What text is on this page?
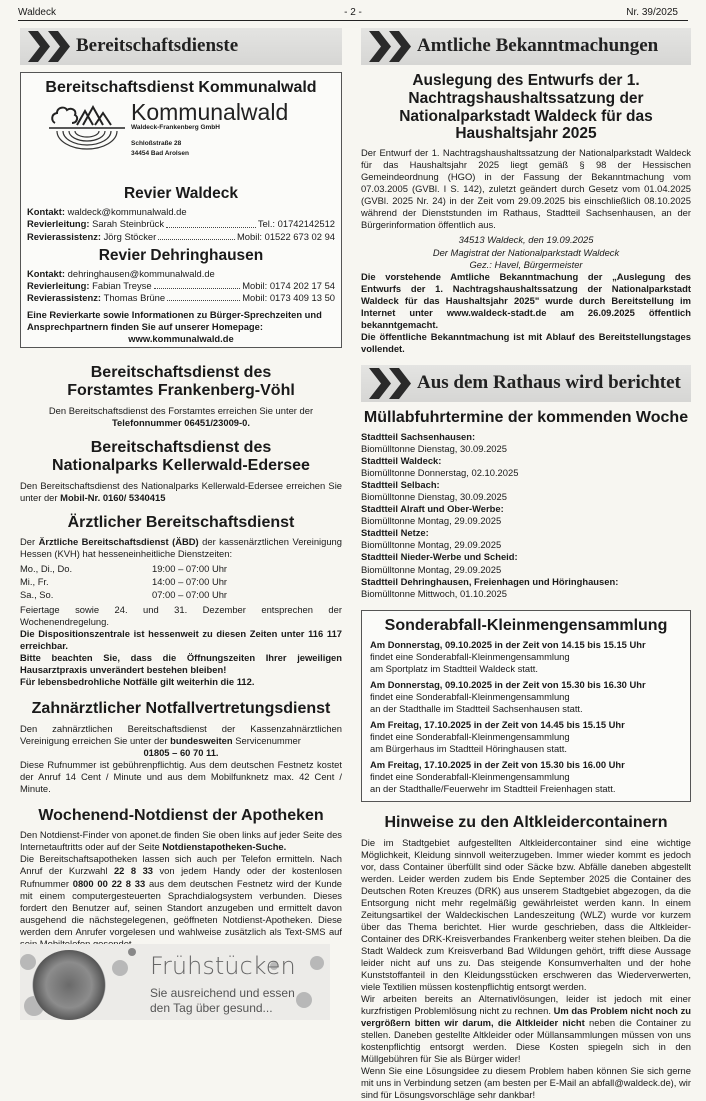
Waldeck	- 2 -	Nr. 39/2025
Bereitschaftsdienste
Bereitschaftsdienst Kommunalwald
Kommunalwald
Waldeck-Frankenberg GmbH
Schloßstraße 28
34454 Bad Arolsen
Revier Waldeck
Kontakt:
waldeck@kommunalwald.de
Revierleitung:
Sarah Steinbrück	Tel.: 01742142512
Revierassistenz:
Jörg Stöcker	Mobil: 01522 673 02 94
Revier Dehringhausen
Kontakt:
dehringhausen@kommunalwald.de
Revierleitung:
Fabian Treyse	Mobil: 0174 202 17 54
Revierassistenz:
Thomas Brüne	Mobil: 0173 409 13 50

Eine Revierkarte sowie Informationen zu Bürger-Sprechzeiten und

Ansprechpartnern finden Sie auf unserer Homepage:

www.kommunalwald.de

Bereitschaftsdienst des Forstamtes Frankenberg-Vöhl

Den Bereitschaftsdienst des Forstamtes erreichen Sie unter der

Telefonnummer 06451/23009-0.

Bereitschaftsdienst des Nationalparks Kellerwald-Edersee

Den Bereitschaftsdienst des Nationalparks Kellerwald-Edersee erreichen Sie unter der Mobil-Nr. 0160/ 5340415

Ärztlicher Bereitschaftsdienst

Der Ärztliche Bereitschaftsdienst (ÄBD) der kassenärztlichen Vereinigung Hessen (KVH) hat hesseneinheitliche Dienstzeiten:

Mo., Di., Do.	19:00 – 07:00 Uhr
Mi., Fr.	14:00 – 07:00 Uhr
Sa., So.	07:00 – 07:00 Uhr

Feiertage sowie 24. und 31. Dezember entsprechen der Wochenendregelung.

Die Dispositionszentrale ist hessenweit zu diesen Zeiten unter 116 117 erreichbar.

Bitte beachten Sie, dass die Öffnungszeiten Ihrer jeweiligen Hausarztpraxis unverändert bestehen bleiben!

Für lebensbedrohliche Notfälle gilt weiterhin die 112.

Zahnärztlicher Notfallvertretungsdienst

Den zahnärztlichen Bereitschaftsdienst der Kassenzahnärztlichen Vereinigung erreichen Sie unter der bundesweiten Servicenummer

01805 – 60 70 11.

Diese Rufnummer ist gebührenpflichtig. Aus dem deutschen Festnetz kostet der Anruf 14 Cent / Minute und aus dem Mobilfunknetz max. 42 Cent / Minute.

Wochenend-Notdienst der Apotheken

Den Notdienst-Finder von aponet.de finden Sie oben links auf jeder Seite des Internetauftritts oder auf der Seite Notdienstapotheken-Suche.

Die Bereitschaftsapotheken lassen sich auch per Telefon ermitteln. Nach Anruf der Kurzwahl 22 8 33 von jedem Handy oder der kostenlosen Rufnummer 0800 00 22 8 33 aus dem deutschen Festnetz wird der Kunde mit einem computergesteuerten Sprachdialogsystem verbunden. Dieses fordert den Benutzer auf, seinen Standort anzugeben und ermittelt davon ausgehend die nächstegelegenen, geöffneten Notdienst-Apotheken. Diese werden dem Anrufer vorgelesen und wahlweise zusätzlich als Text-SMS auf

Frühstücken
Sie ausreichend und essen
den Tag über gesund...
Amtliche Bekanntmachungen
Auslegung des Entwurfs der 1. Nachtragshaushaltssatzung der Nationalparkstadt Waldeck für das Haushaltsjahr 2025

Der Entwurf der 1. Nachtragshaushaltssatzung der Nationalparkstadt Waldeck für das Haushaltsjahr 2025 liegt gemäß § 98 der Hessischen Gemeindeordnung (HGO) in der Fassung der Bekanntmachung vom 07.03.2005 (GVBl. I S. 142), zuletzt geändert durch Gesetz vom 01.04.2025 (GVBl. 2025 Nr. 24) in der Zeit vom 29.09.2025 bis einschließlich 08.10.2025 während der Dienststunden im Rathaus, Stadtteil Sachsenhausen, an der Bürgerinformation öffentlich aus.

34513 Waldeck, den 19.09.2025

Der Magistrat der Nationalparkstadt Waldeck

Gez.: Havel, Bürgermeister

Die vorstehende Amtliche Bekanntmachung der „Auslegung des Entwurfs der 1. Nachtragshaushaltssatzung der Nationalparkstadt Waldeck für das Haushaltsjahr 2025" wurde durch Bereitstellung im Internet unter www.waldeck-stadt.de am 26.09.2025 öffentlich bekanntgemacht.

Die öffentliche Bekanntmachung ist mit Ablauf des Bereitstellungstages vollendet.

Aus dem Rathaus wird berichtet
Müllabfuhrtermine der kommenden Woche

Stadtteil Sachsenhausen:

Biomülltonne Dienstag, 30.09.2025

Stadtteil Waldeck:

Biomülltonne Donnerstag, 02.10.2025

Stadtteil Selbach:

Biomülltonne Dienstag, 30.09.2025

Stadtteil Alraft und Ober-Werbe:

Biomülltonne Montag, 29.09.2025

Stadtteil Netze:

Biomülltonne Montag, 29.09.2025

Stadtteil Nieder-Werbe und Scheid:

Biomülltonne Montag, 29.09.2025

Stadtteil Dehringhausen, Freienhagen und Höringhausen:

Biomülltonne Mittwoch, 01.10.2025

Sonderabfall-Kleinmengensammlung

Am Donnerstag, 09.10.2025 in der Zeit von 14.15 bis 15.15 Uhr

findet eine Sonderabfall-Kleinmengensammlung

am Sportplatz im Stadtteil Waldeck statt.

Am Donnerstag, 09.10.2025 in der Zeit von 15.30 bis 16.30 Uhr

findet eine Sonderabfall-Kleinmengensammlung

an der Stadthalle im Stadtteil Sachsenhausen statt.

Am Freitag, 17.10.2025 in der Zeit von 14.45 bis 15.15 Uhr

findet eine Sonderabfall-Kleinmengensammlung

am Bürgerhaus im Stadtteil Höringhausen statt.

Am Freitag, 17.10.2025 in der Zeit von 15.30 bis 16.00 Uhr

findet eine Sonderabfall-Kleinmengensammlung

an der Stadthalle/Feuerwehr im Stadtteil Freienhagen statt.

Hinweise zu den Altkleidercontainern

Die im Stadtgebiet aufgestellten Altkleidercontainer sind eine wichtige Möglichkeit, Kleidung sinnvoll weiterzugeben. Immer wieder kommt es jedoch vor, dass Container überfüllt sind oder Säcke bzw. Abfälle daneben abgestellt werden. Leider werden zudem bis Ende September 2025 die Container des Deutschen Roten Kreuzes (DRK) aus unserem Stadtgebiet abgezogen, da die Entsorgung nicht mehr regelmäßig gewährleistet werden kann. In einem Zeitungsartikel der Waldeckischen Landeszeitung (WLZ) wurde vor kurzem über das Thema berichtet. Hier wurde geschrieben, dass die Altkleider-Container des DRK-Kreisverbandes Frankenberg weiter stehen bleiben. Da die Stadt Waldeck zum Kreisverband Bad Wildungen gehört, trifft diese Aussage leider nicht auf uns zu. Das steigende Konsumverhalten und der hohe Kunststoffanteil in den Kleidungsstücken erschweren das Wiederverwerten, viele Textilien müssen kostenpflichtig entsorgt werden.

Wir arbeiten bereits an Alternativlösungen, leider ist jedoch mit einer kurzfristigen Problemlösung nicht zu rechnen. Um das Problem nicht noch zu vergrößern bitten wir darum, die Altkleider nicht neben die Container zu stellen. Daneben gestellte Altkleider oder Müllansammlungen müssen von uns kostenpflichtig entsorgt werden. Diese Kosten spiegeln sich in den Müllgebühren für Sie als Bürger wider!

Wenn Sie eine Lösungsidee zu diesem Problem haben können Sie sich gerne mit uns in Verbindung setzen (am besten per E-Mail an abfall@waldeck.de), wir sind für Lösungsvorschläge sehr dankbar!
